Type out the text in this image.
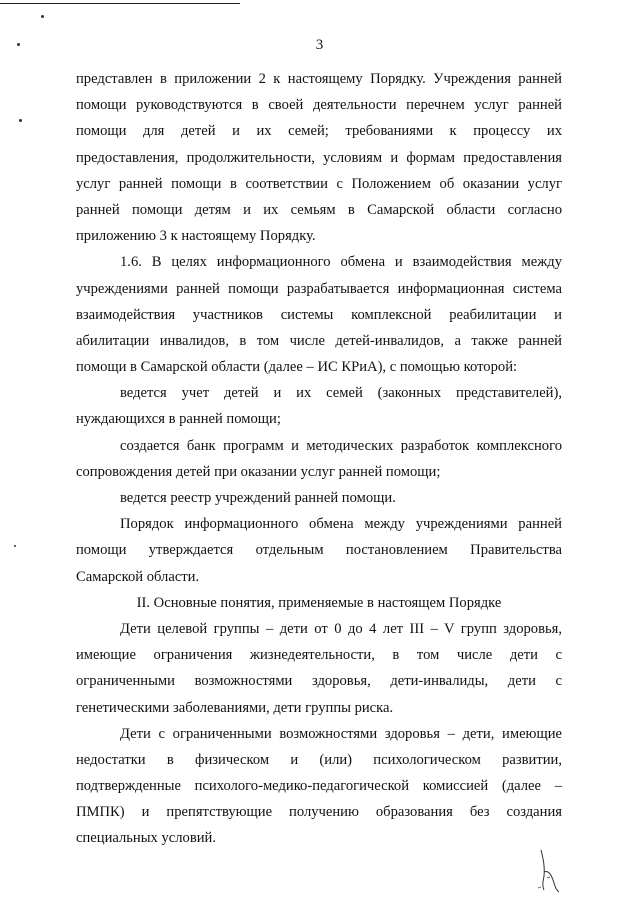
3
представлен в приложении 2 к настоящему Порядку. Учреждения ранней
помощи руководствуются в своей деятельности перечнем услуг ранней
помощи для детей и их семей; требованиями к процессу их
предоставления, продолжительности, условиям и формам предоставления
услуг ранней помощи в соответствии с Положением об оказании услуг
ранней помощи детям и их семьям в Самарской области согласно
приложению 3 к настоящему Порядку.
1.6. В целях информационного обмена и взаимодействия между
учреждениями ранней помощи разрабатывается информационная система
взаимодействия участников системы комплексной реабилитации и
абилитации инвалидов, в том числе детей-инвалидов, а также ранней
помощи в Самарской области (далее – ИС КРиА), с помощью которой:
ведется учет детей и их семей (законных представителей),
нуждающихся в ранней помощи;
создается банк программ и методических разработок комплексного
сопровождения детей при оказании услуг ранней помощи;
ведется реестр учреждений ранней помощи.
Порядок информационного обмена между учреждениями ранней
помощи утверждается отдельным постановлением Правительства
Самарской области.
II. Основные понятия, применяемые в настоящем Порядке
Дети целевой группы – дети от 0 до 4 лет III – V групп здоровья,
имеющие ограничения жизнедеятельности, в том числе дети с
ограниченными возможностями здоровья, дети-инвалиды, дети с
генетическими заболеваниями, дети группы риска.
Дети с ограниченными возможностями здоровья – дети, имеющие
недостатки в физическом и (или) психологическом развитии,
подтвержденные психолого-медико-педагогической комиссией (далее –
ПМПК) и препятствующие получению образования без создания
специальных условий.
